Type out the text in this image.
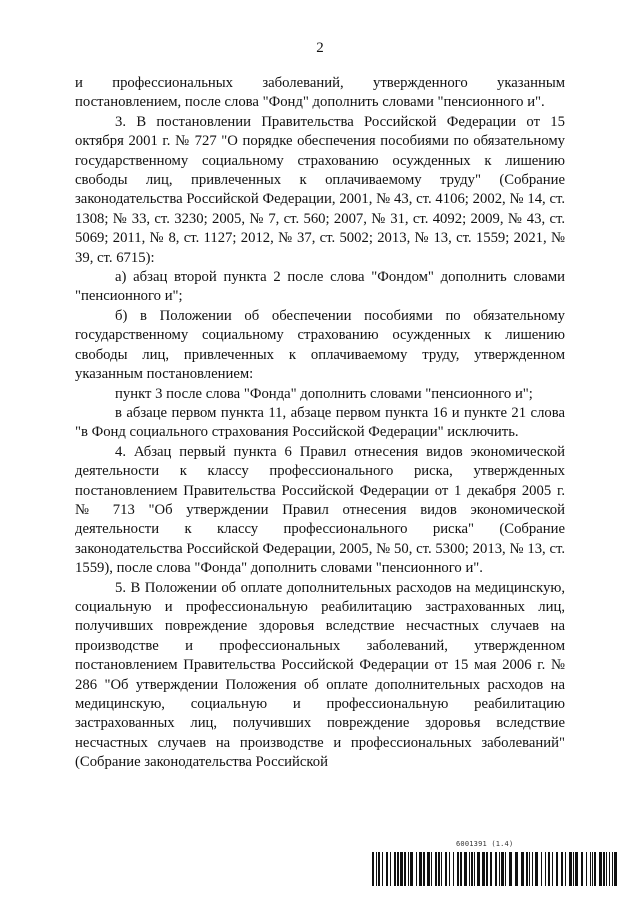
2

и профессиональных заболеваний, утвержденного указанным постановлением, после слова "Фонд" дополнить словами "пенсионного и".

3. В постановлении Правительства Российской Федерации от 15 октября 2001 г. № 727 "О порядке обеспечения пособиями по обязательному государственному социальному страхованию осужденных к лишению свободы лиц, привлеченных к оплачиваемому труду" (Собрание законодательства Российской Федерации, 2001, № 43, ст. 4106; 2002, № 14, ст. 1308; № 33, ст. 3230; 2005, № 7, ст. 560; 2007, № 31, ст. 4092; 2009, № 43, ст. 5069; 2011, № 8, ст. 1127; 2012, № 37, ст. 5002; 2013, № 13, ст. 1559; 2021, № 39, ст. 6715):

а) абзац второй пункта 2 после слова "Фондом" дополнить словами "пенсионного и";

б) в Положении об обеспечении пособиями по обязательному государственному социальному страхованию осужденных к лишению свободы лиц, привлеченных к оплачиваемому труду, утвержденном указанным постановлением:

пункт 3 после слова "Фонда" дополнить словами "пенсионного и";

в абзаце первом пункта 11, абзаце первом пункта 16 и пункте 21 слова "в Фонд социального страхования Российской Федерации" исключить.

4. Абзац первый пункта 6 Правил отнесения видов экономической деятельности к классу профессионального риска, утвержденных постановлением Правительства Российской Федерации от 1 декабря 2005 г. № 713 "Об утверждении Правил отнесения видов экономической деятельности к классу профессионального риска" (Собрание законодательства Российской Федерации, 2005, № 50, ст. 5300; 2013, № 13, ст. 1559), после слова "Фонда" дополнить словами "пенсионного и".

5. В Положении об оплате дополнительных расходов на медицинскую, социальную и профессиональную реабилитацию застрахованных лиц, получивших повреждение здоровья вследствие несчастных случаев на производстве и профессиональных заболеваний, утвержденном постановлением Правительства Российской Федерации от 15 мая 2006 г. № 286 "Об утверждении Положения об оплате дополнительных расходов на медицинскую, социальную и профессиональную реабилитацию застрахованных лиц, получивших повреждение здоровья вследствие несчастных случаев на производстве и профессиональных заболеваний" (Собрание законодательства Российской

6001391 (1.4)
